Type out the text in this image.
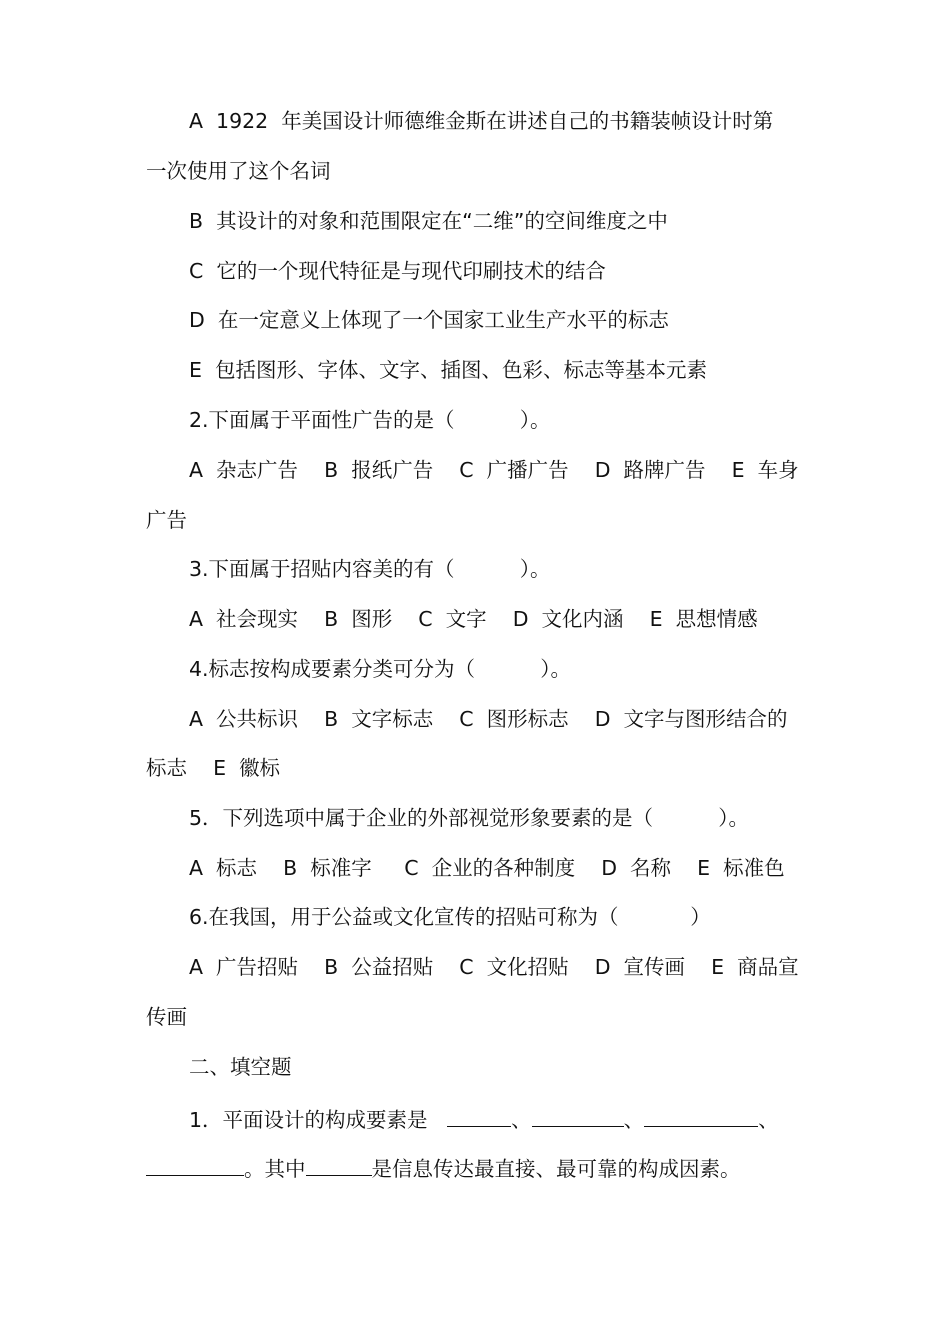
A  1922  年美国设计师德维金斯在讲述自己的书籍装帧设计时第

一次使用了这个名词

B  其设计的对象和范围限定在“二维”的空间维度之中

C  它的一个现代特征是与现代印刷技术的结合

D  在一定意义上体现了一个国家工业生产水平的标志

E  包括图形、字体、文字、插图、色彩、标志等基本元素

2.下面属于平面性广告的是（          ）。

A  杂志广告    B  报纸广告    C  广播广告    D  路牌广告    E  车身

广告

3.下面属于招贴内容美的有（          ）。

A  社会现实    B  图形    C  文字    D  文化内涵    E  思想情感

4.标志按构成要素分类可分为（          ）。

A  公共标识    B  文字标志    C  图形标志    D  文字与图形结合的

标志    E  徽标

5．下列选项中属于企业的外部视觉形象要素的是（          ）。

A  标志    B  标准字     C  企业的各种制度    D  名称    E  标准色

6.在我国，用于公益或文化宣传的招贴可称为（           ）

A  广告招贴    B  公益招贴    C  文化招贴    D  宣传画    E  商品宣

传画

二、填空题

1．平面设计的构成要素是	、	、	、

。其中	是信息传达最直接、最可靠的构成因素。
